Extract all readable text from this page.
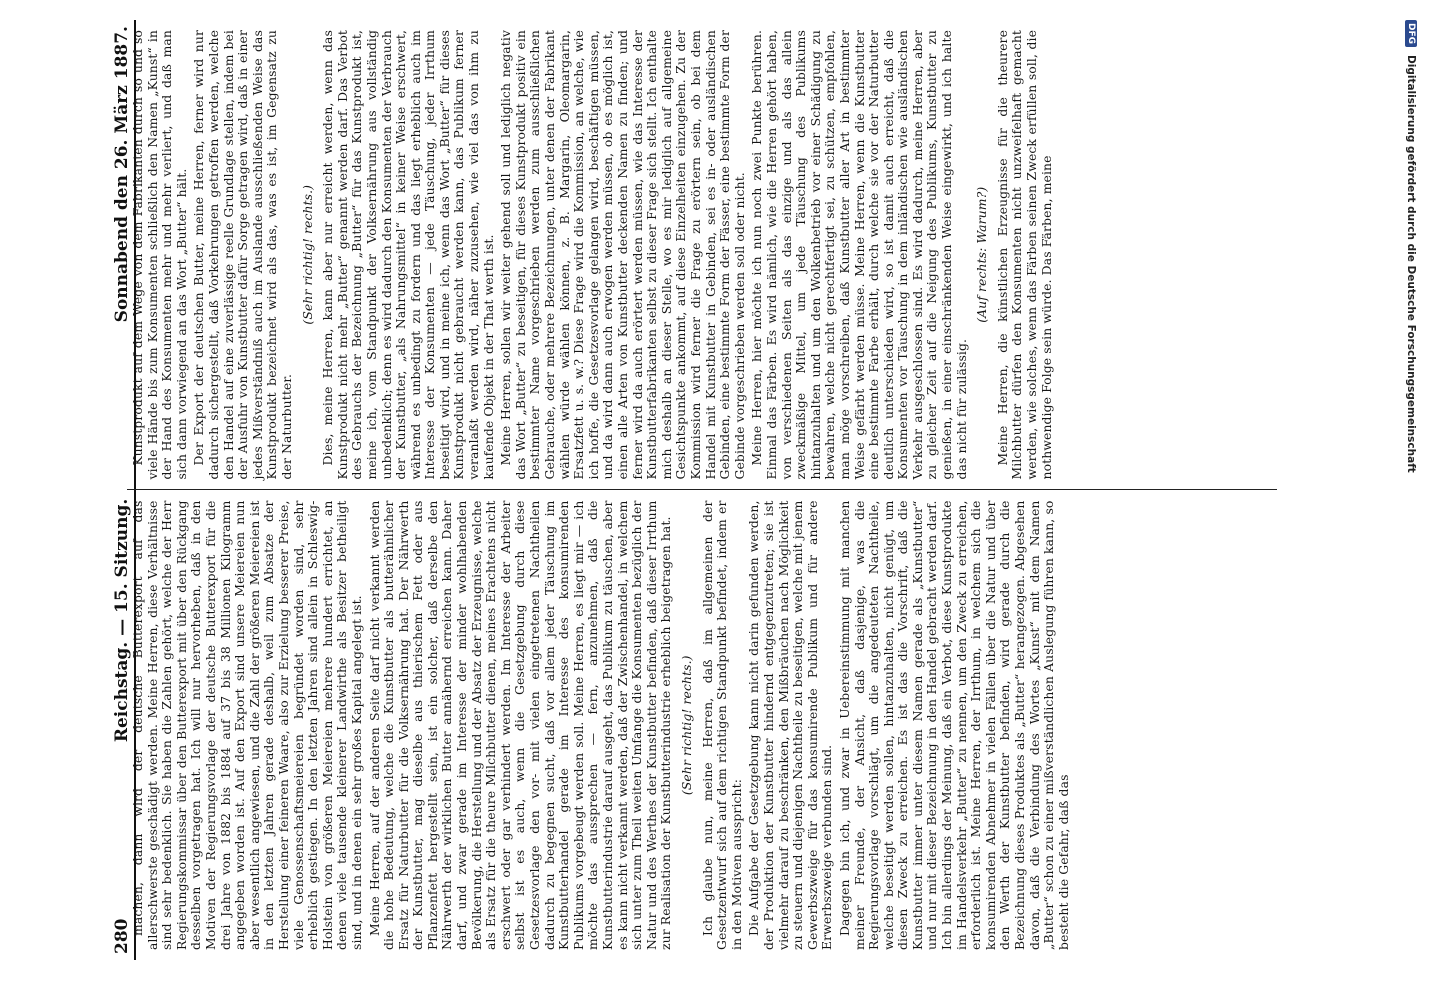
280
Reichstag. — 15. Sitzung.
Sonnabend den 26. März 1887.

machen, dann wird der deutsche Butterexport auf das allerschwerste geschädigt werden. Meine Herren, diese Verhältnisse sind sehr bedenklich. Sie haben die Zahlen gehört, welche der Herr Regierungskommissar über den Butterexport mit über den Rückgang desselben vorgetragen hat. Ich will nur hervorheben, daß in den Motiven der Regierungsvorlage der deutsche Butterexport für die drei Jahre von 1882 bis 1884 auf 37 bis 38 Millionen Kilogramm angegeben worden ist. Auf den Export sind unsere Meiereien nun aber wesentlich angewiesen, und die Zahl der größeren Meiereien ist in den letzten Jahren gerade deshalb, weil zum Absatze der Herstellung einer feineren Waare, also zur Erzielung besserer Preise, viele Genossenschaftsmeiereien begründet worden sind, sehr erheblich gestiegen. In den letzten Jahren sind allein in Schleswig-Holstein von größeren Meiereien mehrere hundert errichtet, an denen viele tausende kleinerer Landwirthe als Besitzer betheiligt sind, und in denen ein sehr großes Kapital angelegt ist. Meine Herren, auf der anderen Seite darf nicht verkannt werden die hohe Bedeutung, welche die Kunstbutter als butterähnlicher Ersatz für Naturbutter für die Volksernährung hat. Der Nährwerth der Kunstbutter, mag dieselbe aus thierischem Fett oder aus Pflanzenfett hergestellt sein, ist ein solcher, daß derselbe den Nährwerth der wirklichen Butter annähernd erreichen kann. Daher darf, und zwar gerade im Interesse der minder wohlhabenden Bevölkerung, die Herstellung und der Absatz der Erzeugnisse, welche als Ersatz für die theure Milchbutter dienen, meines Erachtens nicht erschwert oder gar verhindert werden. Im Interesse der Arbeiter selbst ist es auch, wenn die Gesetzgebung durch diese Gesetzesvorlage den vor- mit vielen eingetretenen Nachtheilen dadurch zu begegnen sucht, daß vor allem jeder Täuschung im Kunstbutterhandel gerade im Interesse des konsumirenden Publikums vorgebeugt werden soll. Meine Herren, es liegt mir — ich möchte das aussprechen — fern, anzunehmen, daß die Kunstbutterindustrie darauf ausgeht, das Publikum zu täuschen, aber es kann nicht verkannt werden, daß der Zwischenhandel, in welchem sich unter zum Theil weiten Umfange die Konsumenten bezüglich der Natur und des Werthes der Kunstbutter befinden, daß dieser Irrthum zur Realisation der Kunstbutterindustrie erheblich beigetragen hat. (Sehr richtig! rechts.) Ich glaube nun, meine Herren, daß im allgemeinen der Gesetzentwurf sich auf dem richtigen Standpunkt befindet, indem er in den Motiven ausspricht: Die Aufgabe der Gesetzgebung kann nicht darin gefunden werden, der Produktion der Kunstbutter hindernd entgegenzutreten; sie ist vielmehr darauf zu beschränken, den Mißbräuchen nach Möglichkeit zu steuern und diejenigen Nachtheile zu beseitigen, welche mit jenem Gewerbszweige für das konsumirende Publikum und für andere Erwerbszweige verbunden sind. Dagegen bin ich, und zwar in Uebereinstimmung mit manchen meiner Freunde, der Ansicht, daß dasjenige, was die Regierungsvorlage vorschlägt, um die angedeuteten Nachtheile, welche beseitigt werden sollen, hintanzuhalten, nicht genügt, um diesen Zweck zu erreichen. Es ist das die Vorschrift, daß die Kunstbutter immer unter diesem Namen gerade als „Kunstbutter“ und nur mit dieser Bezeichnung in den Handel gebracht werden darf. Ich bin allerdings der Meinung, daß ein Verbot, diese Kunstprodukte im Handelsverkehr „Butter“ zu nennen, um den Zweck zu erreichen, erforderlich ist. Meine Herren, der Irrthum, in welchem sich die konsumirenden Abnehmer in vielen Fällen über die Natur und über den Werth der Kunstbutter befinden, wird gerade durch die Bezeichnung dieses Produktes als „Butter“ herangezogen. Abgesehen davon, daß die Verbindung des Wortes „Kunst“ mit dem Namen „Butter“ schon zu einer mißverständlichen Auslegung führen kann, so besteht die Gefahr, daß das

Kunstprodukt auf dem Wege von dem Fabrikanten durch so und so viele Hände bis zum Konsumenten schließlich den Namen „Kunst“ in der Hand des Konsumenten mehr und mehr verliert, und daß man sich dann vorwiegend an das Wort „Butter“ hält. Der Export der deutschen Butter, meine Herren, ferner wird nur dadurch sichergestellt, daß Vorkehrungen getroffen werden, welche den Handel auf eine zuverlässige reelle Grundlage stellen, indem bei der Ausfuhr von Kunstbutter dafür Sorge getragen wird, daß in einer jedes Mißverständniß auch im Auslande ausschließenden Weise das Kunstprodukt bezeichnet wird als das, was es ist, im Gegensatz zu der Naturbutter.

(Sehr richtig! rechts.) Dies, meine Herren, kann aber nur erreicht werden, wenn das Kunstprodukt nicht mehr „Butter“ genannt werden darf. Das Verbot des Gebrauchs der Bezeichnung „Butter“ für das Kunstprodukt ist, meine ich, vom Standpunkt der Volksernährung aus vollständig unbedenklich; denn es wird dadurch den Konsumenten der Verbrauch der Kunstbutter, „als Nahrungsmittel“ in keiner Weise erschwert, während es unbedingt zu fordern und das liegt erheblich auch im Interesse der Konsumenten — jede Täuschung, jeder Irrthum beseitigt wird, und in meine ich, wenn das Wort „Butter“ für dieses Kunstprodukt nicht gebraucht werden kann, das Publikum ferner veranlaßt werden wird, näher zuzusehen, wie viel das von ihm zu kaufende Objekt in der That werth ist. Meine Herren, sollen wir weiter gehend soll und lediglich negativ das Wort „Butter“ zu beseitigen, für dieses Kunstprodukt positiv ein bestimmter Name vorgeschrieben werden zum ausschließlichen Gebrauche, oder mehrere Bezeichnungen, unter denen der Fabrikant wählen würde wählen können, z. B. Margarin, Oleomargarin, Ersatzfett u. s. w.? Diese Frage wird die Kommission, an welche, wie ich hoffe, die Gesetzesvorlage gelangen wird, beschäftigen müssen, und da wird dann auch erwogen werden müssen, ob es möglich ist, einen alle Arten von Kunstbutter deckenden Namen zu finden; und ferner wird da auch erörtert werden müssen, wie das Interesse der Kunstbutterfabrikanten selbst zu dieser Frage sich stellt. Ich enthalte mich deshalb an dieser Stelle, wo es mir lediglich auf allgemeine Gesichtspunkte ankommt, auf diese Einzelheiten einzugehen. Zu der Kommission wird ferner die Frage zu erörtern sein, ob bei dem Handel mit Kunstbutter in Gebinden, sei es in- oder ausländischen Gebinden, eine bestimmte Form der Fässer, eine bestimmte Form der Gebinde vorgeschrieben werden soll oder nicht. Meine Herren, hier möchte ich nun noch zwei Punkte berühren. Einmal das Färben. Es wird nämlich, wie die Herren gehört haben, von verschiedenen Seiten als das einzige und als das allein zweckmäßige Mittel, um jede Täuschung des Publikums hintanzuhalten und um den Wolkenbetrieb vor einer Schädigung zu bewahren, welche nicht gerechtfertigt sei, zu schützen, empfohlen, man möge vorschreiben, daß Kunstbutter aller Art in bestimmter Weise gefärbt werden müsse. Meine Herren, wenn die Kunstbutter eine bestimmte Farbe erhält, durch welche sie vor der Naturbutter deutlich unterschieden wird, so ist damit auch erreicht, daß die Konsumenten vor Täuschung in dem inländischen wie ausländischen Verkehr ausgeschlossen sind. Es wird dadurch, meine Herren, aber zu gleicher Zeit auf die Neigung des Publikums, Kunstbutter zu genießen, in einer einschränkenden Weise eingewirkt, und ich halte das nicht für zulässig.

(Auf rechts: Warum?) Meine Herren, die künstlichen Erzeugnisse für die theurere Milchbutter dürfen den Konsumenten nicht unzweifelhaft gemacht werden, wie solches, wenn das Färben seinen Zweck erfüllen soll, die nothwendige Folge sein würde. Das Färben, meine

DFG
Digitalisierung gefördert durch die Deutsche Forschungsgemeinschaft
